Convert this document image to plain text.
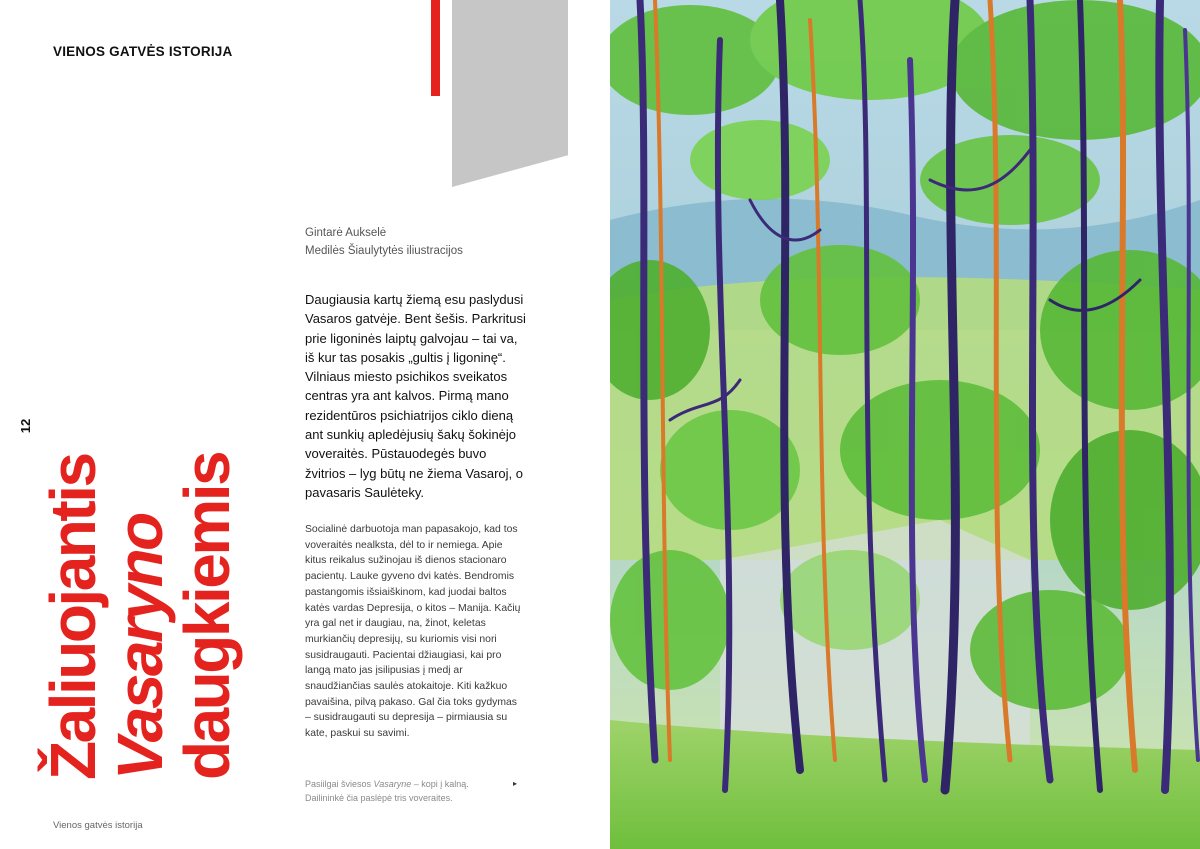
VIENOS GATVĖS ISTORIJA
12
Žaliuojantis
Vasaryno
daugkiemis
Gintarė Aukselė
Medilės Šiaulytytės iliustracijos

Daugiausia kartų žiemą esu paslydusi Vasaros gatvėje. Bent šešis. Parkritusi prie ligoninės laiptų galvojau – tai va, iš kur tas posakis „gultis į ligoninę“. Vilniaus miesto psichikos sveikatos centras yra ant kalvos. Pirmą mano rezidentūros psichiatrijos ciklo dieną ant sunkių apledėjusių šakų šokinėjo voveraitės. Pūstauodegės buvo žvitrios – lyg būtų ne žiema Vasaroj, o pavasaris Saulėteky.

Socialinė darbuotoja man papasakojo, kad tos voveraitės nealksta, dėl to ir nemiega. Apie kitus reikalus sužinojau iš dienos stacionaro pacientų. Lauke gyveno dvi katės. Bendromis pastangomis išsiaiškinom, kad juodai baltos katės vardas Depresija, o kitos – Manija. Kačių yra gal net ir daugiau, na, žinot, keletas murkiančių depresijų, su kuriomis visi nori susidraugauti. Pacientai džiaugiasi, kai pro langą mato jas įsilipusias į medį ar snaudžiančias saulės atokaitoje. Kiti kažkuo pavaišina, pilvą pakaso. Gal čia toks gydymas – susidraugauti su depresija – pirmiausia su kate, paskui su savimi.

Pasiilgai šviesos Vasaryne – kopi į kalną. Dailininkė čia paslėpė tris voveraites.
▸
Vienos gatvės istorija
